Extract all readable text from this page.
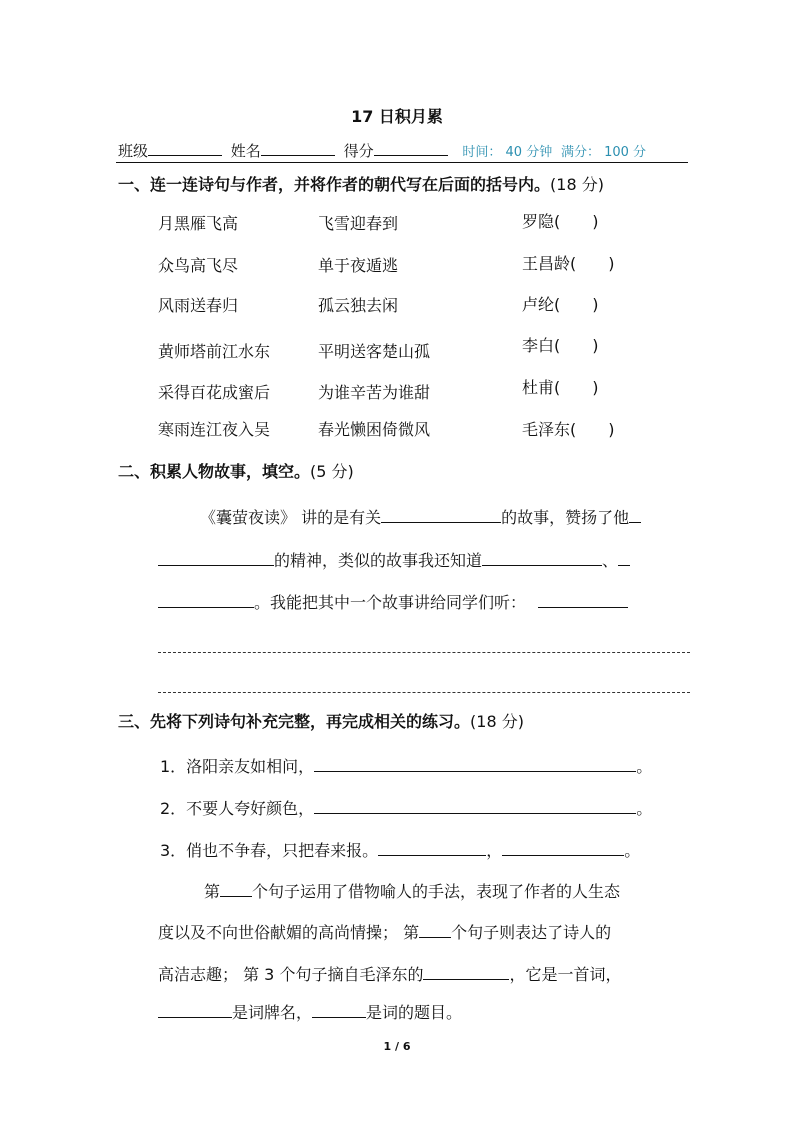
17 日积月累
班级	姓名	得分	时间： 40 分钟 满分： 100 分
一、连一连诗句与作者，并将作者的朝代写在后面的括号内。(18 分)
月黑雁飞高	飞雪迎春到	罗隐(　　)
众鸟高飞尽	单于夜遁逃	王昌龄(　　)
风雨送春归	孤云独去闲	卢纶(　　)
黄师塔前江水东	平明送客楚山孤	李白(　　)
采得百花成蜜后	为谁辛苦为谁甜	杜甫(　　)
寒雨连江夜入吴	春光懒困倚微风	毛泽东(　　)
二、积累人物故事，填空。(5 分)
《囊萤夜读》 讲的是有关	的故事，赞扬了他
的精神，类似的故事我还知道	、
。我能把其中一个故事讲给同学们听：
三、先将下列诗句补充完整，再完成相关的练习。(18 分)
1．洛阳亲友如相问，	。
2．不要人夸好颜色，	。
3．俏也不争春，只把春来报。	，	。
第 个句子运用了借物喻人的手法，表现了作者的人生态
度以及不向世俗献媚的高尚情操； 第 个句子则表达了诗人的
高洁志趣； 第 3 个句子摘自毛泽东的	，它是一首词，
是词牌名，	是词的题目。
1 / 6
